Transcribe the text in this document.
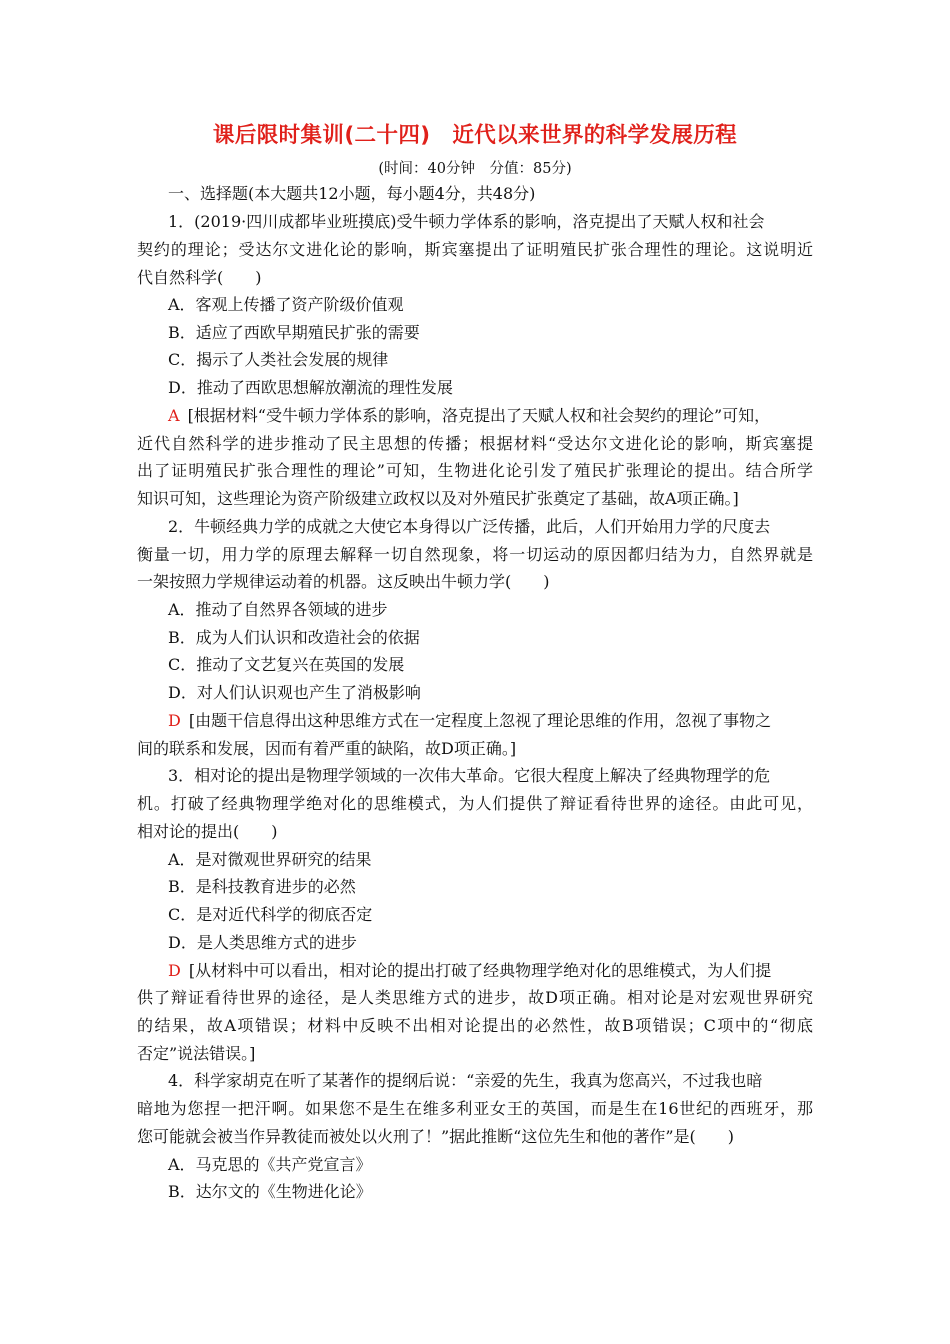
课后限时集训(二十四)　近代以来世界的科学发展历程
(时间：40分钟　分值：85分)
一、选择题(本大题共12小题，每小题4分，共48分)
1．(2019·四川成都毕业班摸底)受牛顿力学体系的影响，洛克提出了天赋人权和社会
契约的理论；受达尔文进化论的影响，斯宾塞提出了证明殖民扩张合理性的理论。这说明近
代自然科学(　　)
A．客观上传播了资产阶级价值观
B．适应了西欧早期殖民扩张的需要
C．揭示了人类社会发展的规律
D．推动了西欧思想解放潮流的理性发展
A  [根据材料“受牛顿力学体系的影响，洛克提出了天赋人权和社会契约的理论”可知，
近代自然科学的进步推动了民主思想的传播；根据材料“受达尔文进化论的影响，斯宾塞提
出了证明殖民扩张合理性的理论”可知，生物进化论引发了殖民扩张理论的提出。结合所学
知识可知，这些理论为资产阶级建立政权以及对外殖民扩张奠定了基础，故A项正确。]
2．牛顿经典力学的成就之大使它本身得以广泛传播，此后，人们开始用力学的尺度去
衡量一切，用力学的原理去解释一切自然现象，将一切运动的原因都归结为力，自然界就是
一架按照力学规律运动着的机器。这反映出牛顿力学(　　)
A．推动了自然界各领域的进步
B．成为人们认识和改造社会的依据
C．推动了文艺复兴在英国的发展
D．对人们认识观也产生了消极影响
D  [由题干信息得出这种思维方式在一定程度上忽视了理论思维的作用，忽视了事物之
间的联系和发展，因而有着严重的缺陷，故D项正确。]
3．相对论的提出是物理学领域的一次伟大革命。它很大程度上解决了经典物理学的危
机。打破了经典物理学绝对化的思维模式，为人们提供了辩证看待世界的途径。由此可见，
相对论的提出(　　)
A．是对微观世界研究的结果
B．是科技教育进步的必然
C．是对近代科学的彻底否定
D．是人类思维方式的进步
D  [从材料中可以看出，相对论的提出打破了经典物理学绝对化的思维模式，为人们提
供了辩证看待世界的途径，是人类思维方式的进步，故D项正确。相对论是对宏观世界研究
的结果，故A项错误；材料中反映不出相对论提出的必然性，故B项错误；C项中的“彻底
否定”说法错误。]
4．科学家胡克在听了某著作的提纲后说：“亲爱的先生，我真为您高兴，不过我也暗
暗地为您捏一把汗啊。如果您不是生在维多利亚女王的英国，而是生在16世纪的西班牙，那
您可能就会被当作异教徒而被处以火刑了！”据此推断“这位先生和他的著作”是(　　)
A．马克思的《共产党宣言》
B．达尔文的《生物进化论》
